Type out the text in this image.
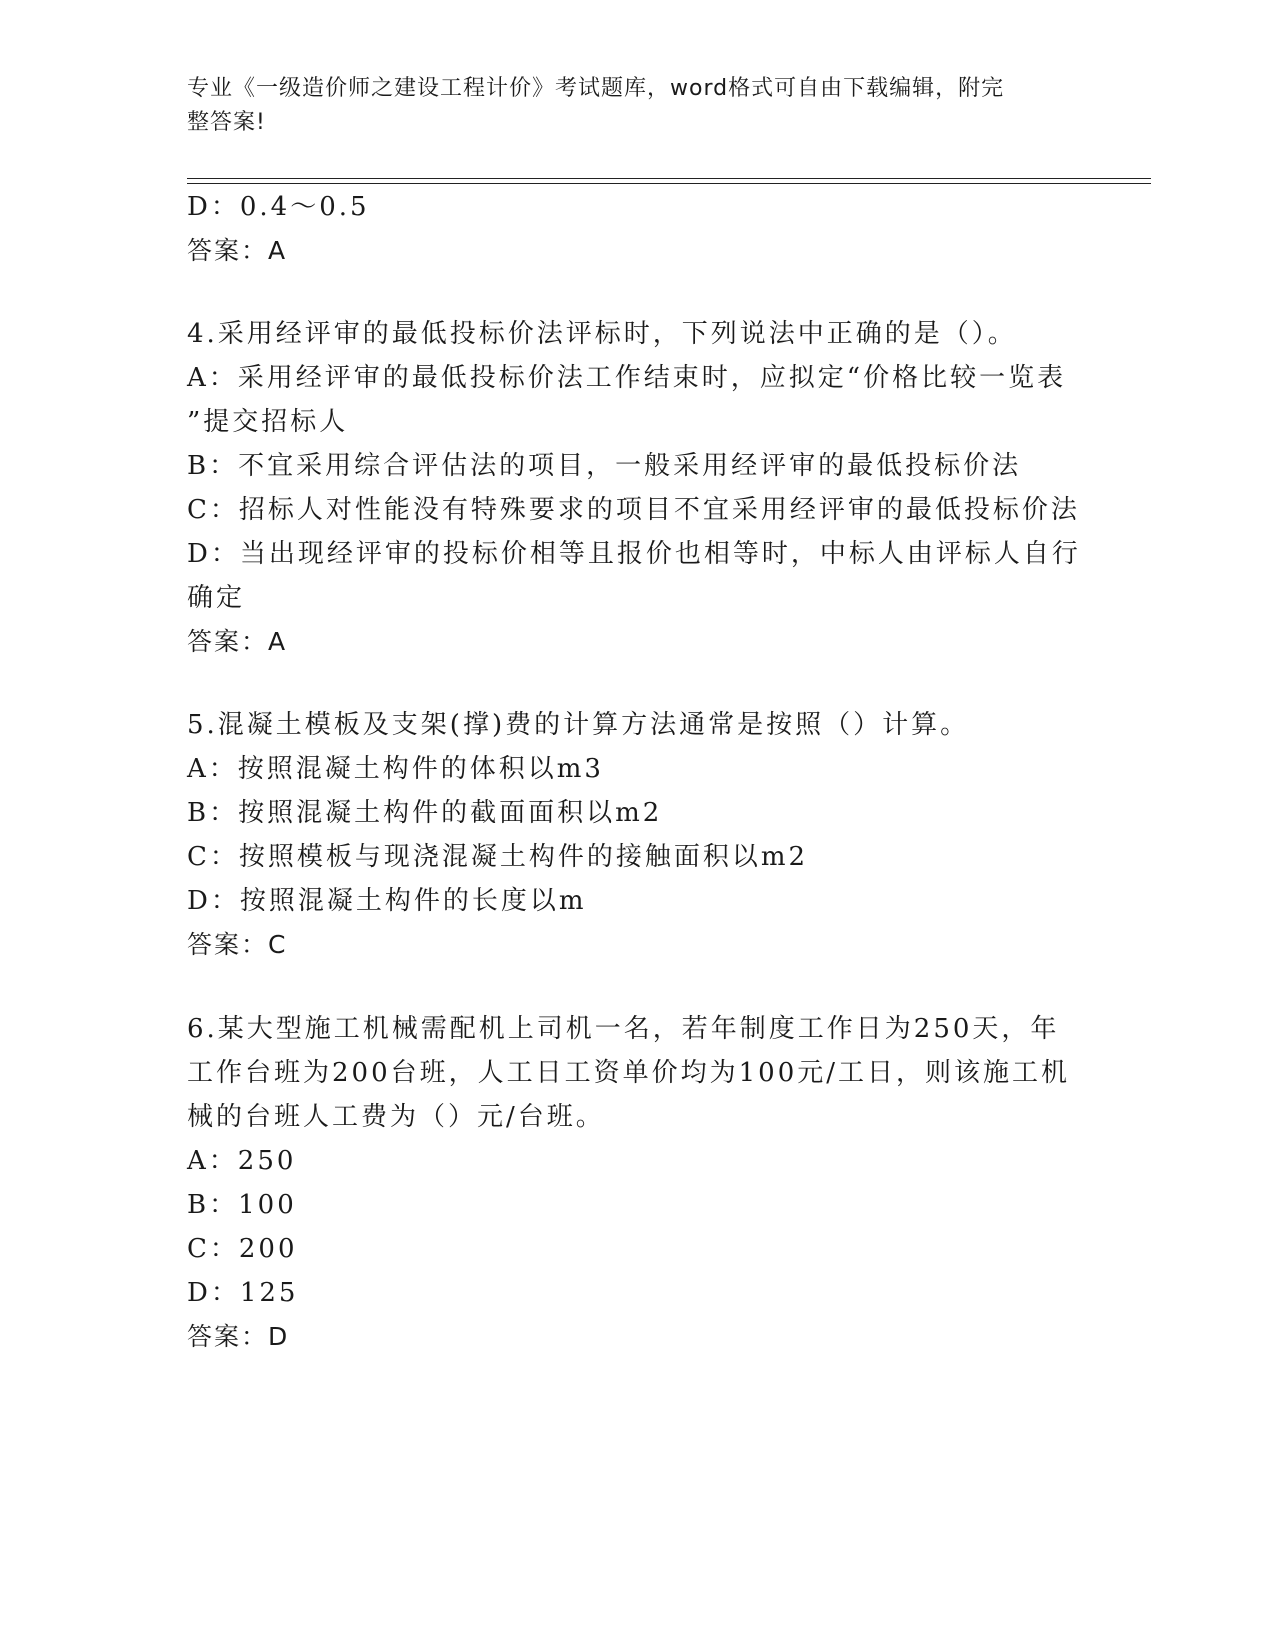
专业《一级造价师之建设工程计价》考试题库，word格式可自由下载编辑，附完
整答案!
D：0.4～0.5
答案：A
4.采用经评审的最低投标价法评标时，下列说法中正确的是（）。
A：采用经评审的最低投标价法工作结束时，应拟定“价格比较一览表
”提交招标人
B：不宜采用综合评估法的项目，一般采用经评审的最低投标价法
C：招标人对性能没有特殊要求的项目不宜采用经评审的最低投标价法
D：当出现经评审的投标价相等且报价也相等时，中标人由评标人自行
确定
答案：A
5.混凝土模板及支架(撑)费的计算方法通常是按照（）计算。
A：按照混凝土构件的体积以m3
B：按照混凝土构件的截面面积以m2
C：按照模板与现浇混凝土构件的接触面积以m2
D：按照混凝土构件的长度以m
答案：C
6.某大型施工机械需配机上司机一名，若年制度工作日为250天，年
工作台班为200台班，人工日工资单价均为100元/工日，则该施工机
械的台班人工费为（）元/台班。
A：250
B：100
C：200
D：125
答案：D
